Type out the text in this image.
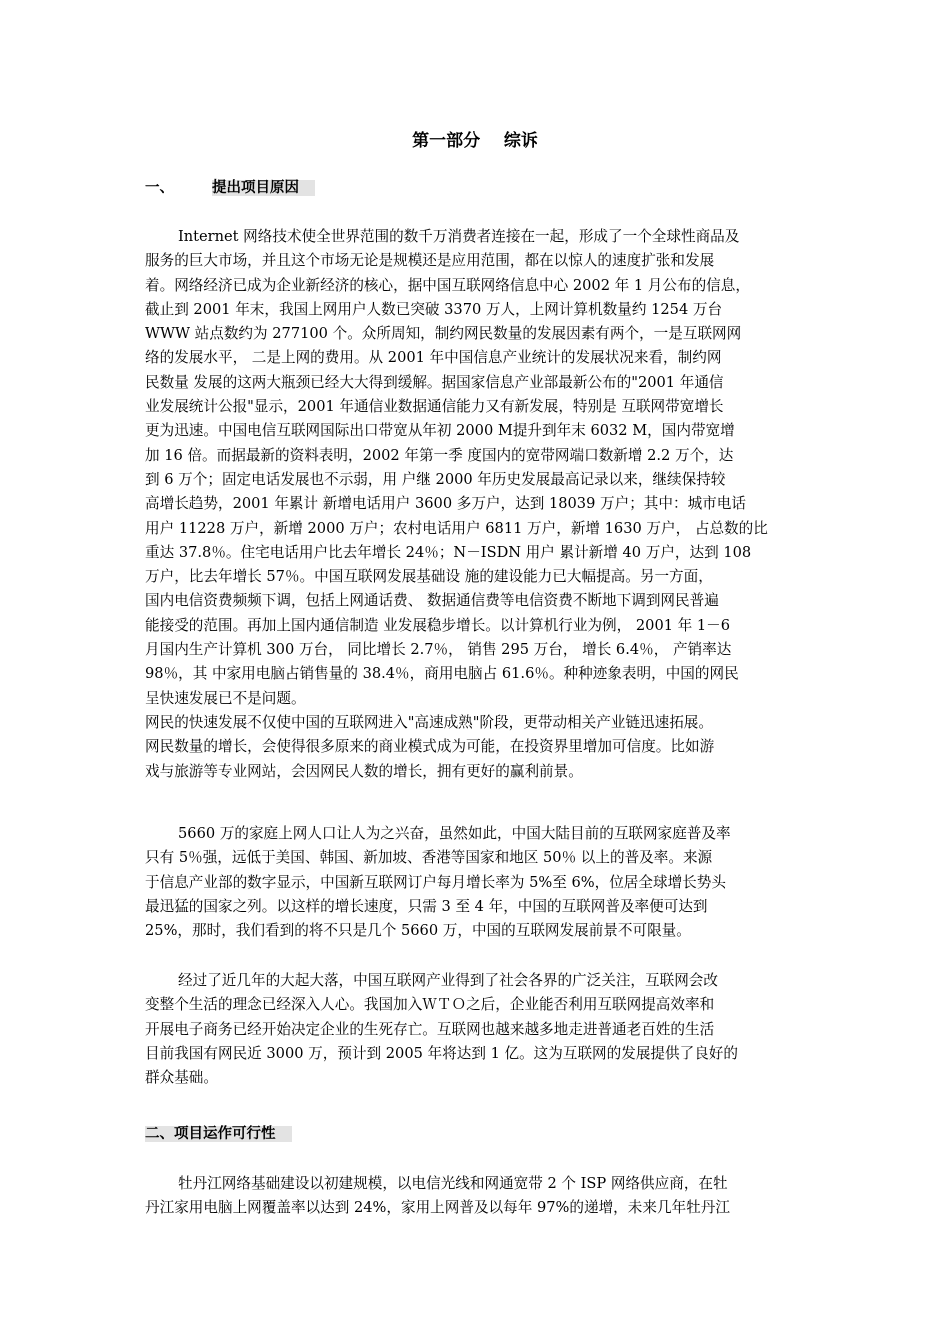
第一部分    综诉
一、	提出项目原因
Internet 网络技术使全世界范围的数千万消费者连接在一起，形成了一个全球性商品及
服务的巨大市场，并且这个市场无论是规模还是应用范围，都在以惊人的速度扩张和发展
着。网络经济已成为企业新经济的核心，据中国互联网络信息中心 2002 年 1 月公布的信息，
截止到 2001 年末，我国上网用户人数已突破 3370 万人，上网计算机数量约 1254 万台
WWW 站点数约为 277100 个。众所周知，制约网民数量的发展因素有两个，一是互联网网
络的发展水平， 二是上网的费用。从 2001 年中国信息产业统计的发展状况来看，制约网
民数量 发展的这两大瓶颈已经大大得到缓解。据国家信息产业部最新公布的"2001 年通信
业发展统计公报"显示，2001 年通信业数据通信能力又有新发展，特别是 互联网带宽增长
更为迅速。中国电信互联网国际出口带宽从年初 2000 M提升到年末 6032 M，国内带宽增
加 16 倍。而据最新的资料表明，2002 年第一季 度国内的宽带网端口数新增 2.2 万个，达
到 6 万个；固定电话发展也不示弱，用 户继 2000 年历史发展最高记录以来，继续保持较
高增长趋势，2001 年累计 新增电话用户 3600 多万户，达到 18039 万户；其中：城市电话
用户 11228 万户，新增 2000 万户；农村电话用户 6811 万户，新增 1630 万户， 占总数的比
重达 37.8％。住宅电话用户比去年增长 24％；N－ISDN 用户 累计新增 40 万户，达到 108
万户，比去年增长 57％。中国互联网发展基础设 施的建设能力已大幅提高。另一方面，
国内电信资费频频下调，包括上网通话费、 数据通信费等电信资费不断地下调到网民普遍
能接受的范围。再加上国内通信制造 业发展稳步增长。以计算机行业为例， 2001 年 1－6
月国内生产计算机 300 万台， 同比增长 2.7％， 销售 295 万台， 增长 6.4％， 产销率达
98％，其 中家用电脑占销售量的 38.4％，商用电脑占 61.6％。种种迹象表明，中国的网民
呈快速发展已不是问题。
网民的快速发展不仅使中国的互联网进入"高速成熟"阶段，更带动相关产业链迅速拓展。
网民数量的增长，会使得很多原来的商业模式成为可能，在投资界里增加可信度。比如游
戏与旅游等专业网站，会因网民人数的增长，拥有更好的赢利前景。
5660 万的家庭上网人口让人为之兴奋，虽然如此，中国大陆目前的互联网家庭普及率
只有 5％强，远低于美国、韩国、新加坡、香港等国家和地区 50％ 以上的普及率。来源
于信息产业部的数字显示，中国新互联网订户每月增长率为 5%至 6%，位居全球增长势头
最迅猛的国家之列。以这样的增长速度，只需 3 至 4 年，中国的互联网普及率便可达到
25%，那时，我们看到的将不只是几个 5660 万，中国的互联网发展前景不可限量。
经过了近几年的大起大落，中国互联网产业得到了社会各界的广泛关注，互联网会改
变整个生活的理念已经深入人心。我国加入ＷＴＯ之后，企业能否利用互联网提高效率和
开展电子商务已经开始决定企业的生死存亡。互联网也越来越多地走进普通老百姓的生活
目前我国有网民近 3000 万，预计到 2005 年将达到 1 亿。这为互联网的发展提供了良好的
群众基础。
二、项目运作可行性
牡丹江网络基础建设以初建规模，以电信光线和网通宽带 2 个 ISP 网络供应商，在牡
丹江家用电脑上网覆盖率以达到 24%，家用上网普及以每年 97%的递增，未来几年牡丹江
